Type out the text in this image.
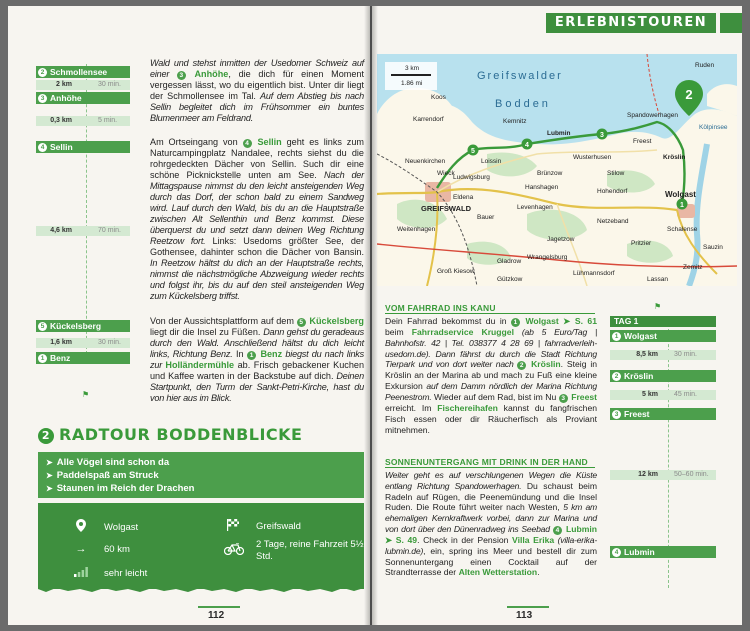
2 Schmollensee
2 km	30 min.
3 Anhöhe
0,3 km	5 min.
4 Sellin
4,6 km	70 min.
5 Kückelsberg
1,6 km	30 min.
1 Benz
⚑
Wald und stehst inmitten der Usedomer Schweiz auf einer 3 Anhöhe, die dich für einen Moment vergessen lässt, wo du eigentlich bist. Unter dir liegt der Schmollensee im Tal. Auf dem Abstieg bis nach Sellin begleitet dich im Frühsommer ein buntes Blumenmeer am Feldrand.
Am Ortseingang von 4 Sellin geht es links zum Naturcampingplatz Nandalee, rechts siehst du die rohrgedeckten Dächer von Sellin. Such dir eine schöne Picknickstelle unten am See. Nach der Mittagspause nimmst du den leicht ansteigenden Weg durch das Dorf, der schon bald zu einem Sandweg wird. Lauf durch den Wald, bis du an die Hauptstraße zwischen Alt Sellenthin und Benz kommst. Diese überquerst du und setzt dann deinen Weg Richtung Reetzow fort. Links: Usedoms größter See, der Gothensee, dahinter schon die Dächer von Bansin. In Reetzow hältst du dich an der Hauptstraße rechts, nimmst die nächstmögliche Abzweigung wieder rechts und folgst ihr, bis du auf den steil ansteigenden Weg zum Kückelsberg triffst.
Von der Aussichtsplattform auf dem 5 Kückelsberg liegt dir die Insel zu Füßen. Dann gehst du geradeaus durch den Wald. Anschließend hältst du dich leicht links, Richtung Benz. In 1 Benz biegst du nach links zur Holländermühle ab. Frisch gebackener Kuchen und Kaffee warten in der Backstube auf dich. Deinen Startpunkt, den Turm der Sankt-Petri-Kirche, hast du von hier aus im Blick.
2 RADTOUR BODDENBLICKE
➤ Alle Vögel sind schon da
➤ Paddelspaß am Struck
➤ Staunen im Reich der Drachen
Wolgast
→	60 km
sehr leicht
Greifswald
2 Tage, reine Fahrzeit 5½ Std.
112
ERLEBNISTOUREN
2
3 km
1.86 mi
5
4
3
1
Greifswalder
Bodden
GREIFSWALD
Ruden
Koos
Karrendorf	Kemnitz
Lubmin
Spandowerhagen
Kröslin
Wolgast
Freest
Loissin
Ludwigsburg
Neuenkirchen
Wieck
Eldena
Brünzow
Wusterhusen
Hanshagen
Levenhagen
Weitenhagen
Groß Kiesow	Lühmannsdorf
Lassan
Netzeband
Jagetzow
Wrangelsburg
Gladrow
Pritzier
Schalense
Zemitz
Sauzin
Gützkow
Bauer
Hohendorf
Stilow
Kölpinsee
VOM FAHRRAD INS KANU
Dein Fahrrad bekommst du in 1 Wolgast ➤ S. 61 beim Fahrradservice Kruggel (ab 5 Euro/Tag | Bahnhofstr. 42 | Tel. 038377 4 28 69 | fahrradverleih-usedom.de). Dann fährst du durch die Stadt Richtung Tierpark und von dort weiter nach 2 Kröslin. Steig in Kröslin an der Marina ab und mach zu Fuß eine kleine Exkursion auf dem Damm nördlich der Marina Richtung Peenestrom. Wieder auf dem Rad, bist im Nu 3 Freest erreicht. Im Fischereihafen kannst du fangfrischen Fisch essen oder dir Räucherfisch als Proviant mitnehmen.
SONNENUNTERGANG MIT DRINK IN DER HAND
Weiter geht es auf verschlungenen Wegen die Küste entlang Richtung Spandowerhagen. Du schaust beim Radeln auf Rügen, die Peenemündung und die Insel Ruden. Die Route führt weiter nach Westen, 5 km am ehemaligen Kernkraftwerk vorbei, dann zur Marina und von dort über den Dünenradweg ins Seebad 4 Lubmin ➤ S. 49. Check in der Pension Villa Erika (villa-erika-lubmin.de), ein, spring ins Meer und bestell dir zum Sonnenuntergang einen Cocktail auf der Strandterrasse der Alten Wetterstation.
⚑
TAG 1
1 Wolgast
8,5 km 30 min.
2 Kröslin
5 km 45 min.
3 Freest
12 km 50–60 min.
4 Lubmin
113
